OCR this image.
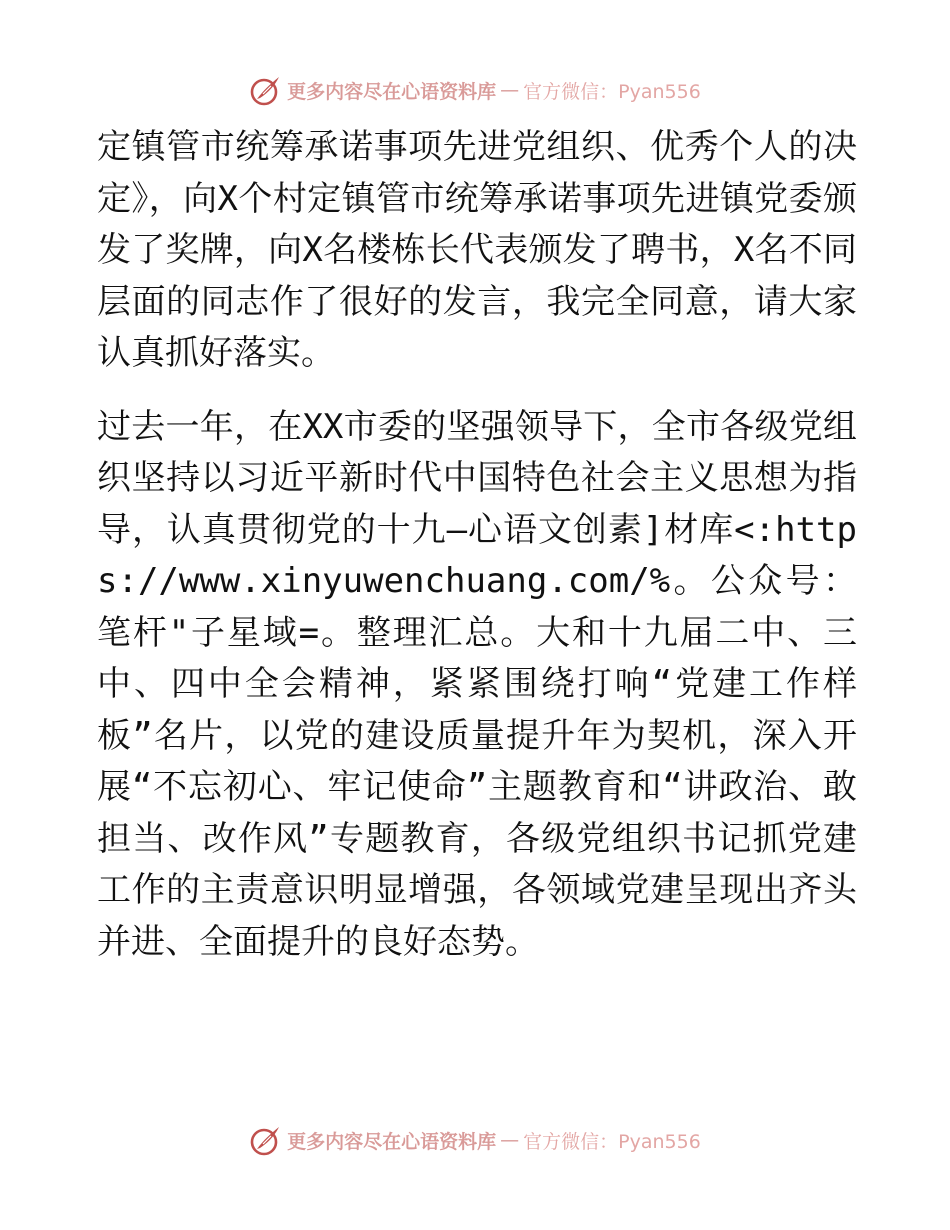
更多内容尽在心语资料库 — 官方微信：Pyan556

定镇管市统筹承诺事项先进党组织、优秀个人的决定》，向X个村定镇管市统筹承诺事项先进镇党委颁发了奖牌，向X名楼栋长代表颁发了聘书，X名不同层面的同志作了很好的发言，我完全同意，请大家认真抓好落实。

过去一年，在XX市委的坚强领导下，全市各级党组织坚持以习近平新时代中国特色社会主义思想为指导，认真贯彻党的十九—心语文创素]材库<:https://www.xinyuwenchuang.com/%。公众号：笔杆"子星域=。整理汇总。大和十九届二中、三中、四中全会精神，紧紧围绕打响“党建工作样板”名片，以党的建设质量提升年为契机，深入开展“不忘初心、牢记使命”主题教育和“讲政治、敢担当、改作风”专题教育，各级党组织书记抓党建工作的主责意识明显增强，各领域党建呈现出齐头并进、全面提升的良好态势。

更多内容尽在心语资料库 — 官方微信：Pyan556
